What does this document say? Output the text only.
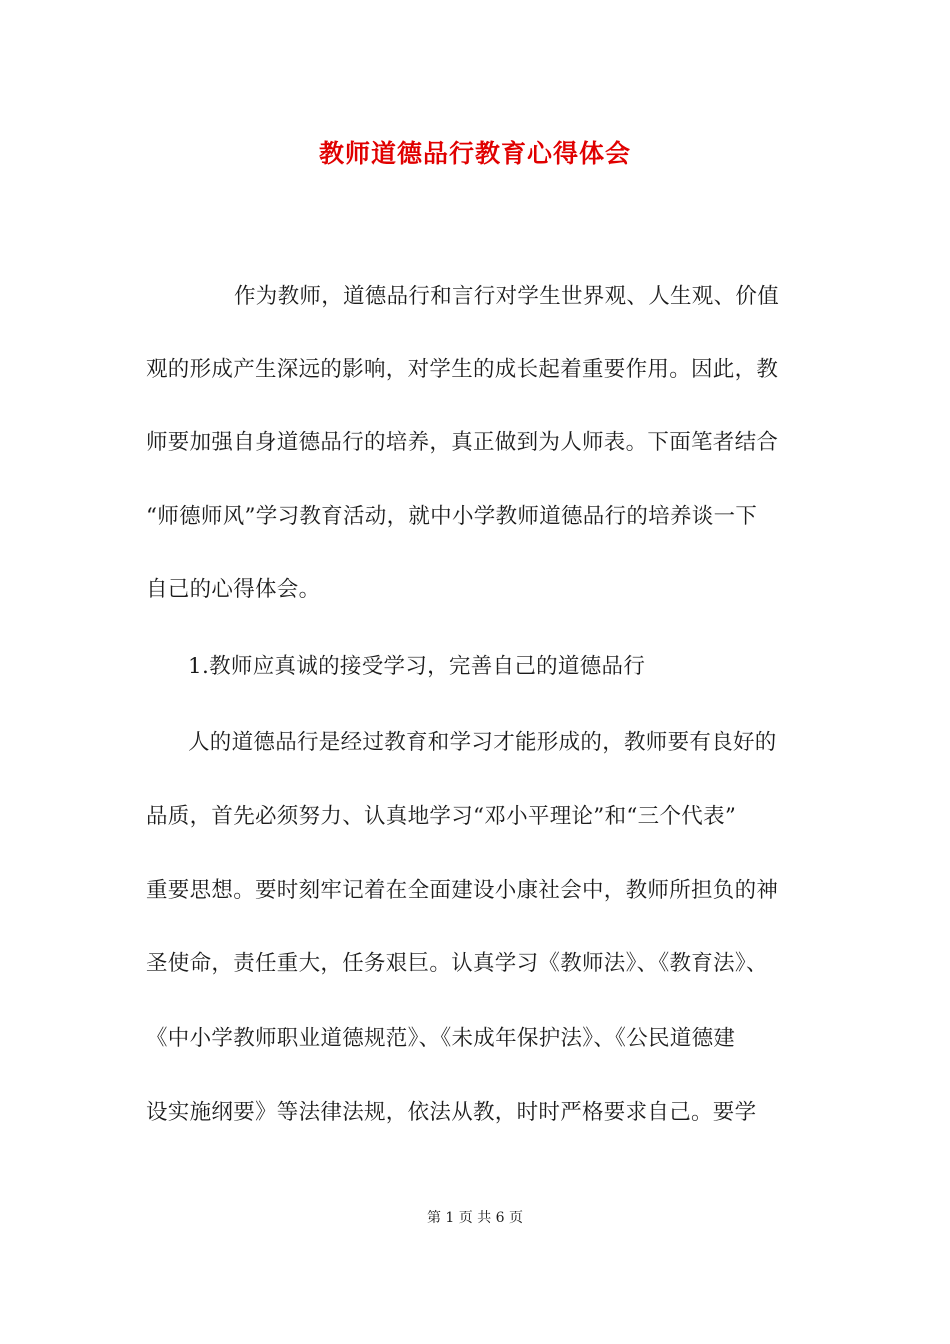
教师道德品行教育心得体会
作为教师，道德品行和言行对学生世界观、人生观、价值
观的形成产生深远的影响，对学生的成长起着重要作用。因此，教
师要加强自身道德品行的培养，真正做到为人师表。下面笔者结合
“师德师风”学习教育活动，就中小学教师道德品行的培养谈一下
自己的心得体会。
1.教师应真诚的接受学习，完善自己的道德品行
人的道德品行是经过教育和学习才能形成的，教师要有良好的
品质，首先必须努力、认真地学习“邓小平理论”和“三个代表”
重要思想。要时刻牢记着在全面建设小康社会中，教师所担负的神
圣使命，责任重大，任务艰巨。认真学习《教师法》、《教育法》、
《中小学教师职业道德规范》、《未成年保护法》、《公民道德建
设实施纲要》等法律法规，依法从教，时时严格要求自己。要学
第 1 页 共 6 页
